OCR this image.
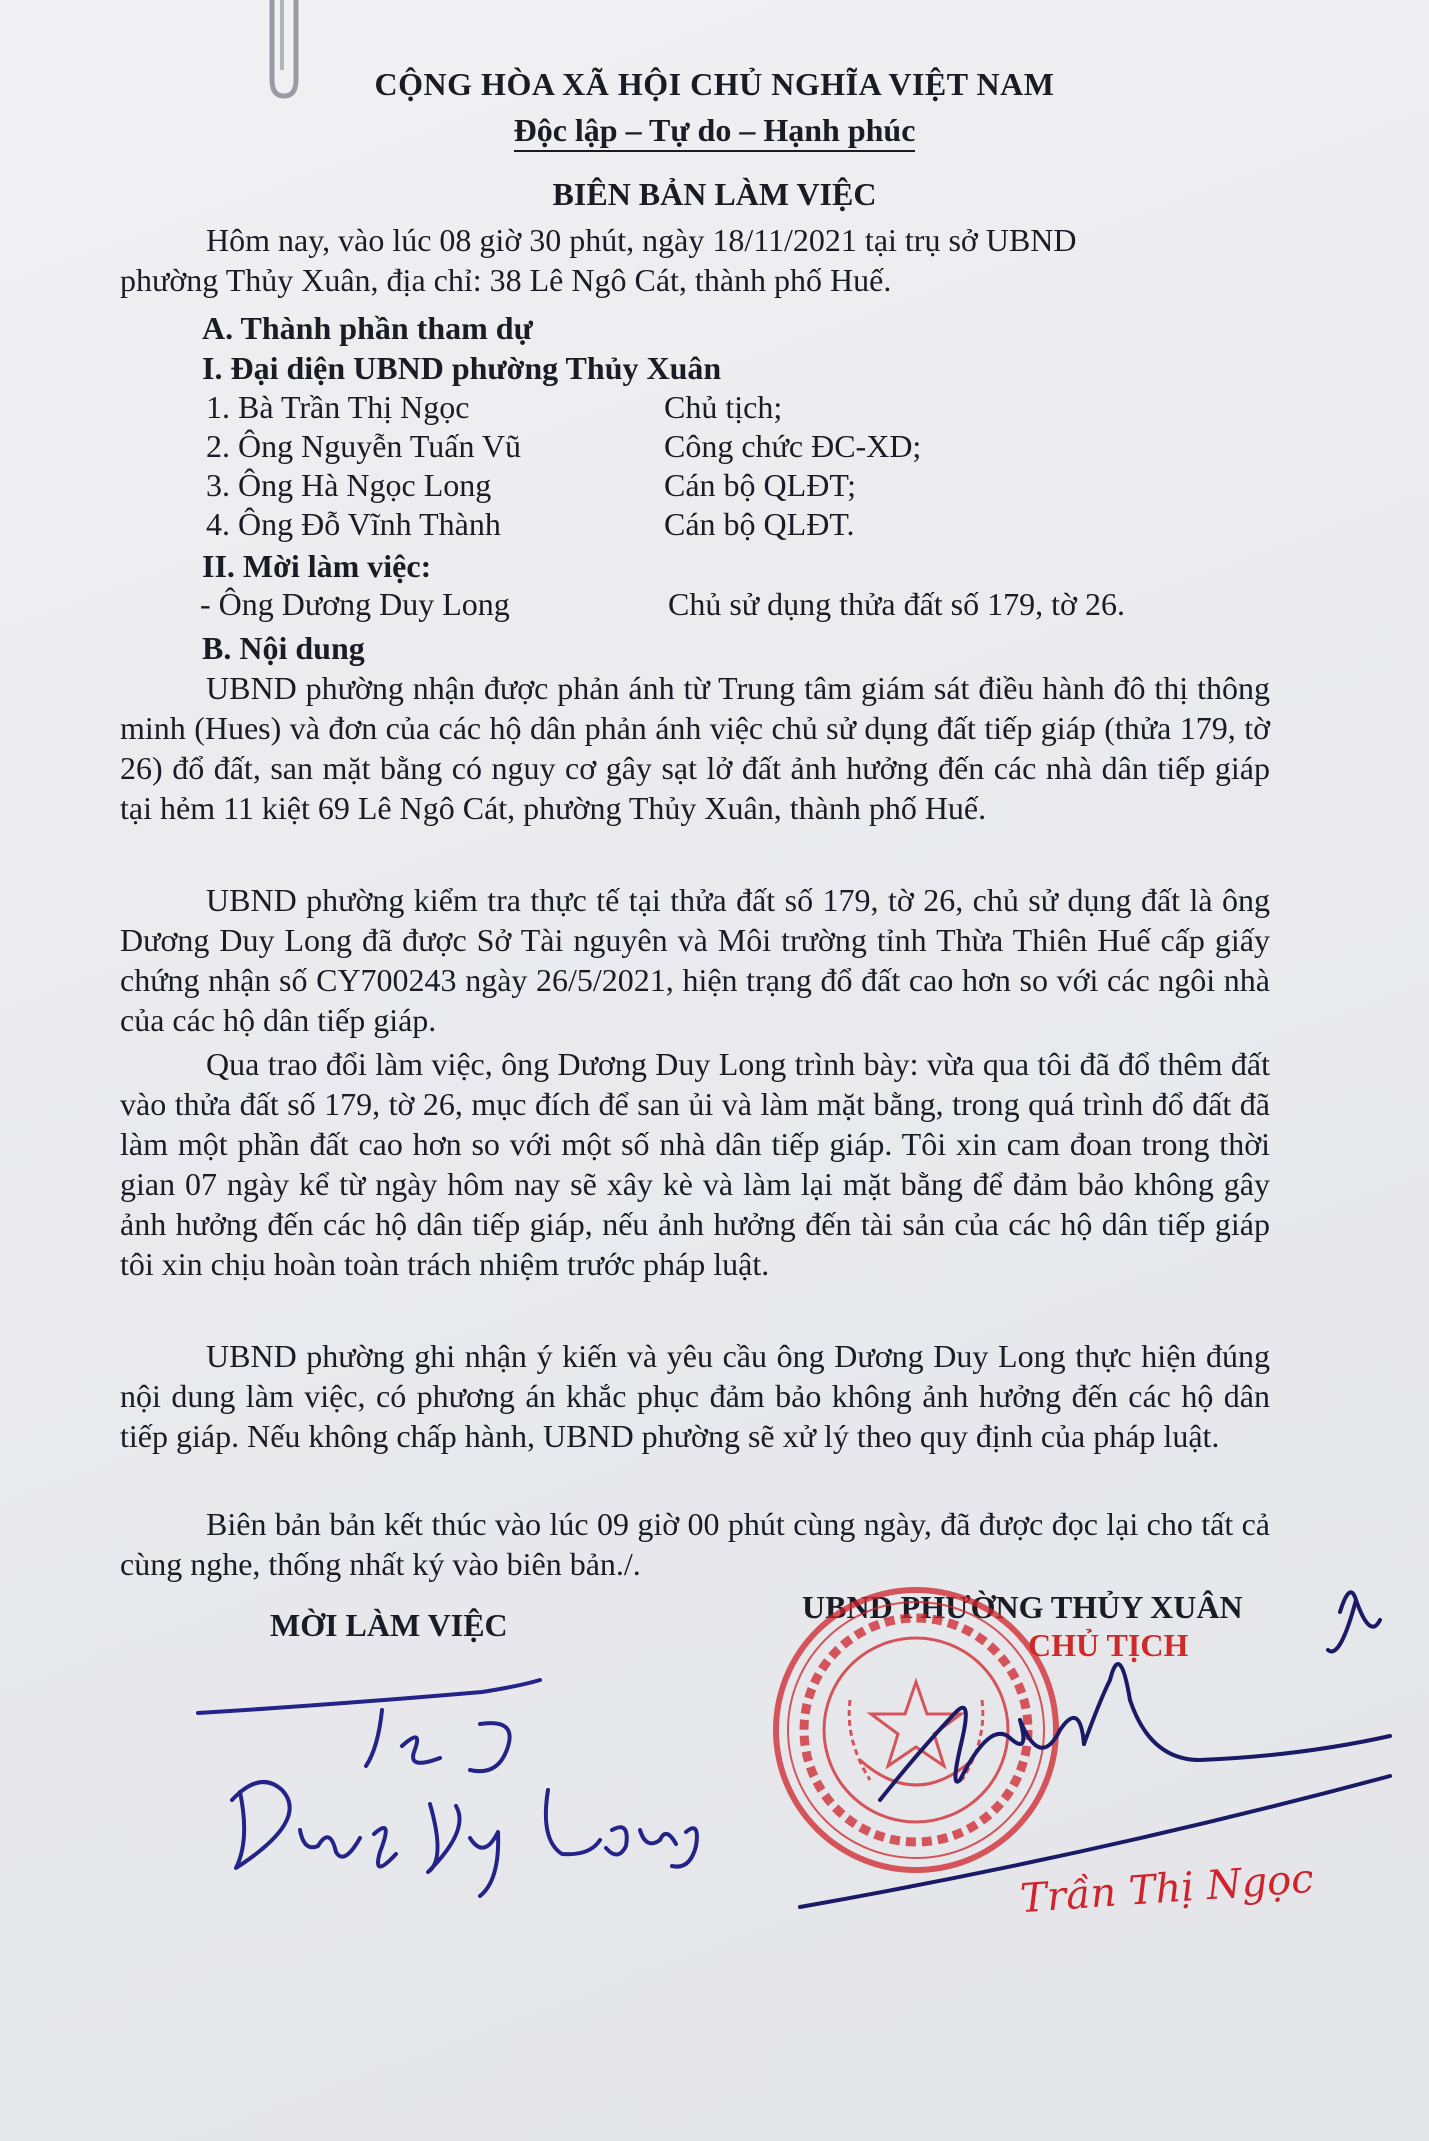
CỘNG HÒA XÃ HỘI CHỦ NGHĨA VIỆT NAM
Độc lập – Tự do – Hạnh phúc
BIÊN BẢN LÀM VIỆC
Hôm nay, vào lúc 08 giờ 30 phút, ngày 18/11/2021 tại trụ sở UBND
phường Thủy Xuân, địa chỉ: 38 Lê Ngô Cát, thành phố Huế.
A. Thành phần tham dự
I. Đại diện UBND phường Thủy Xuân
1. Bà Trần Thị Ngọc	Chủ tịch;
2. Ông Nguyễn Tuấn Vũ	Công chức ĐC-XD;
3. Ông Hà Ngọc Long	Cán bộ QLĐT;
4. Ông Đỗ Vĩnh Thành	Cán bộ QLĐT.
II. Mời làm việc:
- Ông Dương Duy Long	Chủ sử dụng thửa đất số 179, tờ 26.
B. Nội dung
UBND phường nhận được phản ánh từ Trung tâm giám sát điều hành đô thị thông minh (Hues) và đơn của các hộ dân phản ánh việc chủ sử dụng đất tiếp giáp (thửa 179, tờ 26) đổ đất, san mặt bằng có nguy cơ gây sạt lở đất ảnh hưởng đến các nhà dân tiếp giáp tại hẻm 11 kiệt 69 Lê Ngô Cát, phường Thủy Xuân, thành phố Huế.
UBND phường kiểm tra thực tế tại thửa đất số 179, tờ 26, chủ sử dụng đất là ông Dương Duy Long đã được Sở Tài nguyên và Môi trường tỉnh Thừa Thiên Huế cấp giấy chứng nhận số CY700243 ngày 26/5/2021, hiện trạng đổ đất cao hơn so với các ngôi nhà của các hộ dân tiếp giáp.
Qua trao đổi làm việc, ông Dương Duy Long trình bày: vừa qua tôi đã đổ thêm đất vào thửa đất số 179, tờ 26, mục đích để san ủi và làm mặt bằng, trong quá trình đổ đất đã làm một phần đất cao hơn so với một số nhà dân tiếp giáp. Tôi xin cam đoan trong thời gian 07 ngày kể từ ngày hôm nay sẽ xây kè và làm lại mặt bằng để đảm bảo không gây ảnh hưởng đến các hộ dân tiếp giáp, nếu ảnh hưởng đến tài sản của các hộ dân tiếp giáp tôi xin chịu hoàn toàn trách nhiệm trước pháp luật.
UBND phường ghi nhận ý kiến và yêu cầu ông Dương Duy Long thực hiện đúng nội dung làm việc, có phương án khắc phục đảm bảo không ảnh hưởng đến các hộ dân tiếp giáp. Nếu không chấp hành, UBND phường sẽ xử lý theo quy định của pháp luật.
Biên bản bản kết thúc vào lúc 09 giờ 00 phút cùng ngày, đã được đọc lại cho tất cả cùng nghe, thống nhất ký vào biên bản./.
MỜI LÀM VIỆC	UBND PHƯỜNG THỦY XUÂN
CHỦ TỊCH
Trần Thị Ngọc
